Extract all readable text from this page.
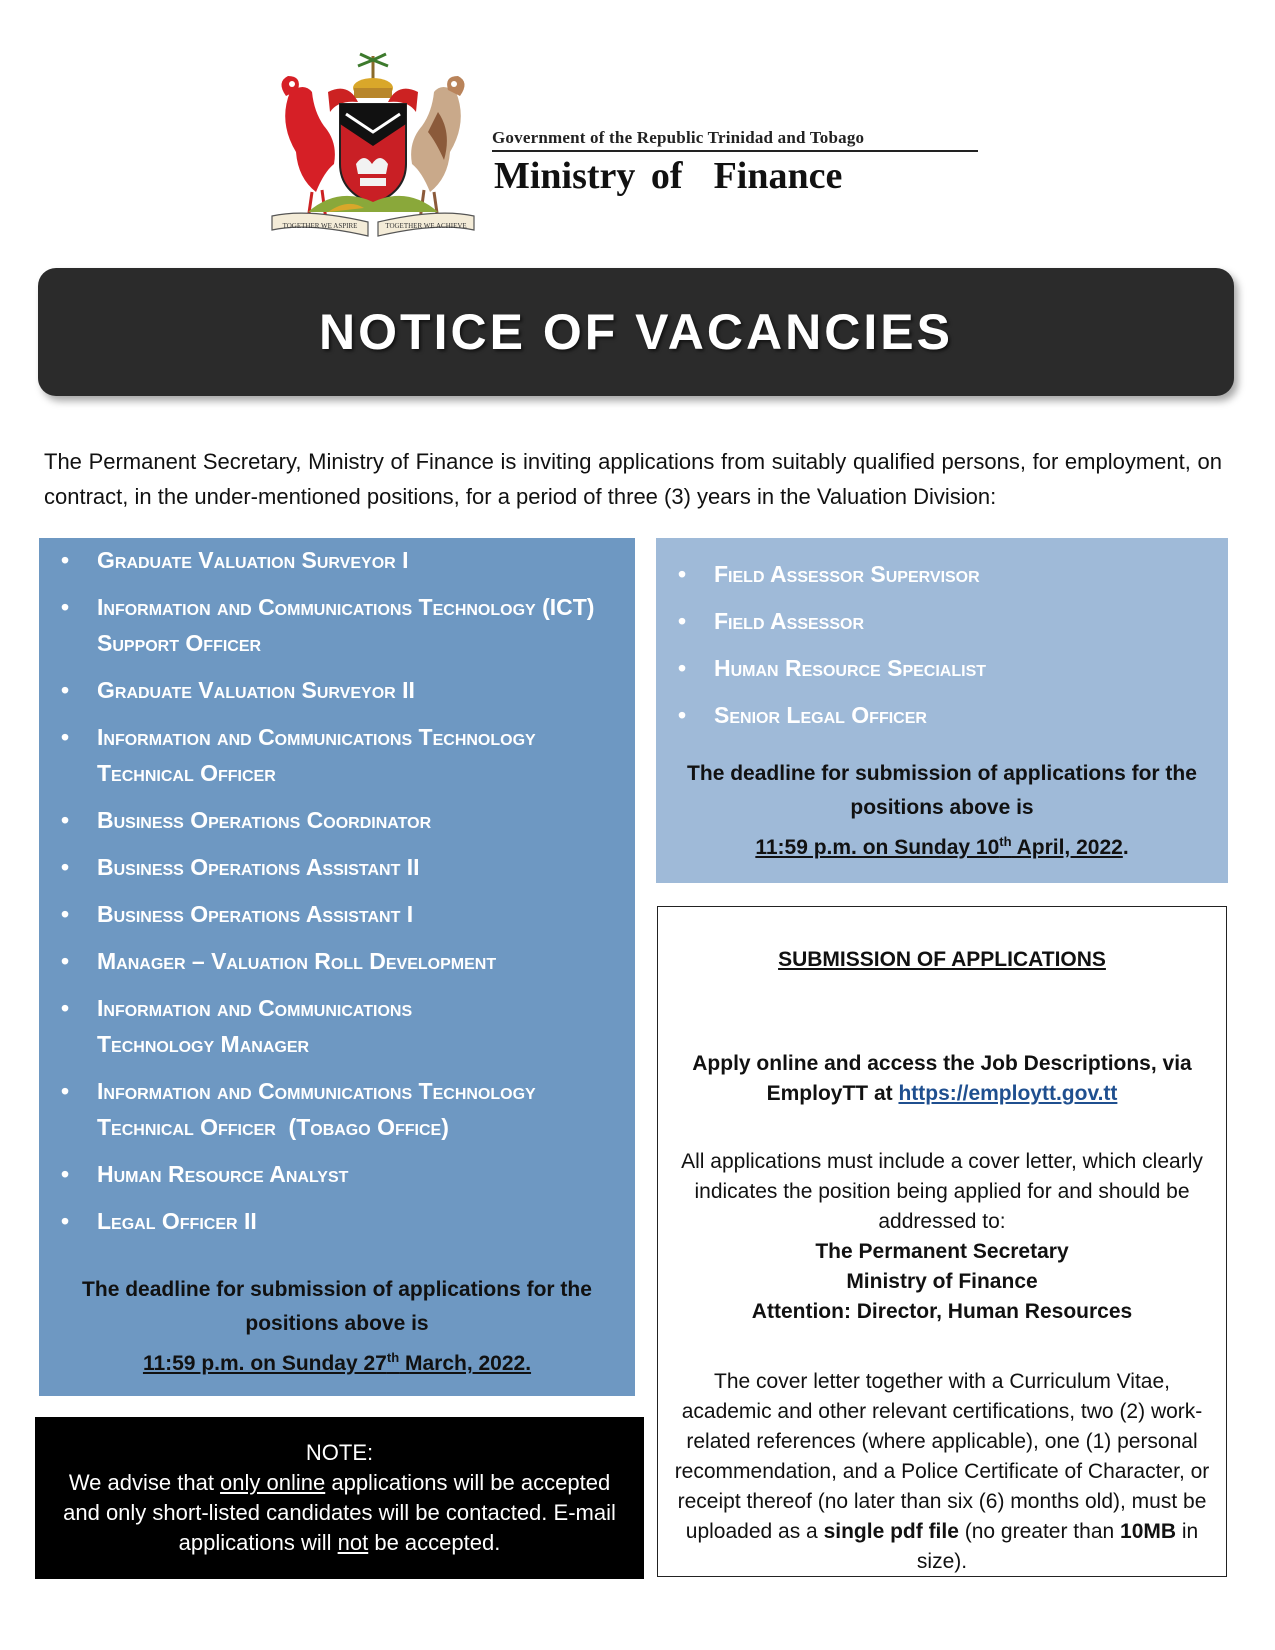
TOGETHER WE ASPIRE	TOGETHER WE ACHIEVE
Government of the Republic Trinidad and Tobago
Ministry of  Finance
NOTICE OF VACANCIES
The Permanent Secretary, Ministry of Finance is inviting applications from suitably qualified persons, for employment, on contract, in the under-mentioned positions, for a period of three (3) years in the Valuation Division:
• Graduate Valuation Surveyor I
• Information and Communications Technology (ICT) Support Officer
• Graduate Valuation Surveyor II
• Information and Communications Technology Technical Officer
• Business Operations Coordinator
• Business Operations Assistant II
• Business Operations Assistant I
• Manager – Valuation Roll Development
• Information and Communications Technology Manager
• Information and Communications Technology  Technical Officer  (Tobago Office)
• Human Resource Analyst
• Legal Officer II
The deadline for submission of applications for the positions above is
11:59 p.m. on Sunday 27th March, 2022.
• Field Assessor Supervisor
• Field Assessor
• Human Resource Specialist
• Senior Legal Officer
The deadline for submission of applications for the positions above is
11:59 p.m. on Sunday 10th April, 2022.
NOTE:
We advise that only online applications will be accepted and only short-listed candidates will be contacted. E-mail applications will not be accepted.
SUBMISSION OF APPLICATIONS
Apply online and access the Job Descriptions, via EmployTT at https://employtt.gov.tt
All applications must include a cover letter, which clearly indicates the position being applied for and should be addressed to:
The Permanent Secretary
Ministry of Finance
Attention: Director, Human Resources
The cover letter together with a Curriculum Vitae, academic and other relevant certifications, two (2) work-related references (where applicable), one (1) personal recommendation, and a Police Certificate of Character, or receipt thereof (no later than six (6) months old), must be uploaded as a single pdf file (no greater than 10MB in size).
